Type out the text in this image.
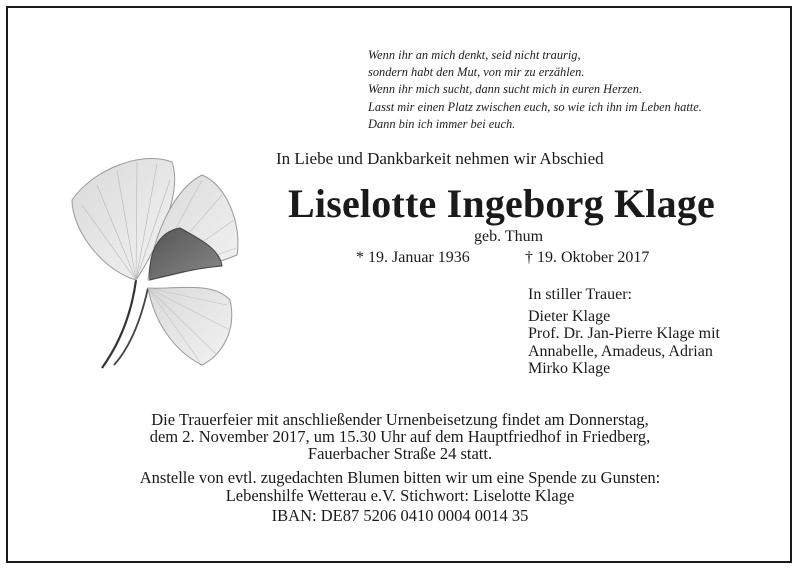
Wenn ihr an mich denkt, seid nicht traurig,
sondern habt den Mut, von mir zu erzählen.
Wenn ihr mich sucht, dann sucht mich in euren Herzen.
Lasst mir einen Platz zwischen euch, so wie ich ihn im Leben hatte.
Dann bin ich immer bei euch.
In Liebe und Dankbarkeit nehmen wir Abschied
Liselotte Ingeborg Klage
geb. Thum
* 19. Januar 1936	† 19. Oktober 2017
In stiller Trauer:
Dieter Klage
Prof. Dr. Jan-Pierre Klage mit
Annabelle, Amadeus, Adrian
Mirko Klage
Die Trauerfeier mit anschließender Urnenbeisetzung findet am Donnerstag,
dem 2. November 2017, um 15.30 Uhr auf dem Hauptfriedhof in Friedberg,
Fauerbacher Straße 24 statt.
Anstelle von evtl. zugedachten Blumen bitten wir um eine Spende zu Gunsten:
Lebenshilfe Wetterau e.V. Stichwort: Liselotte Klage
IBAN: DE87 5206 0410 0004 0014 35
